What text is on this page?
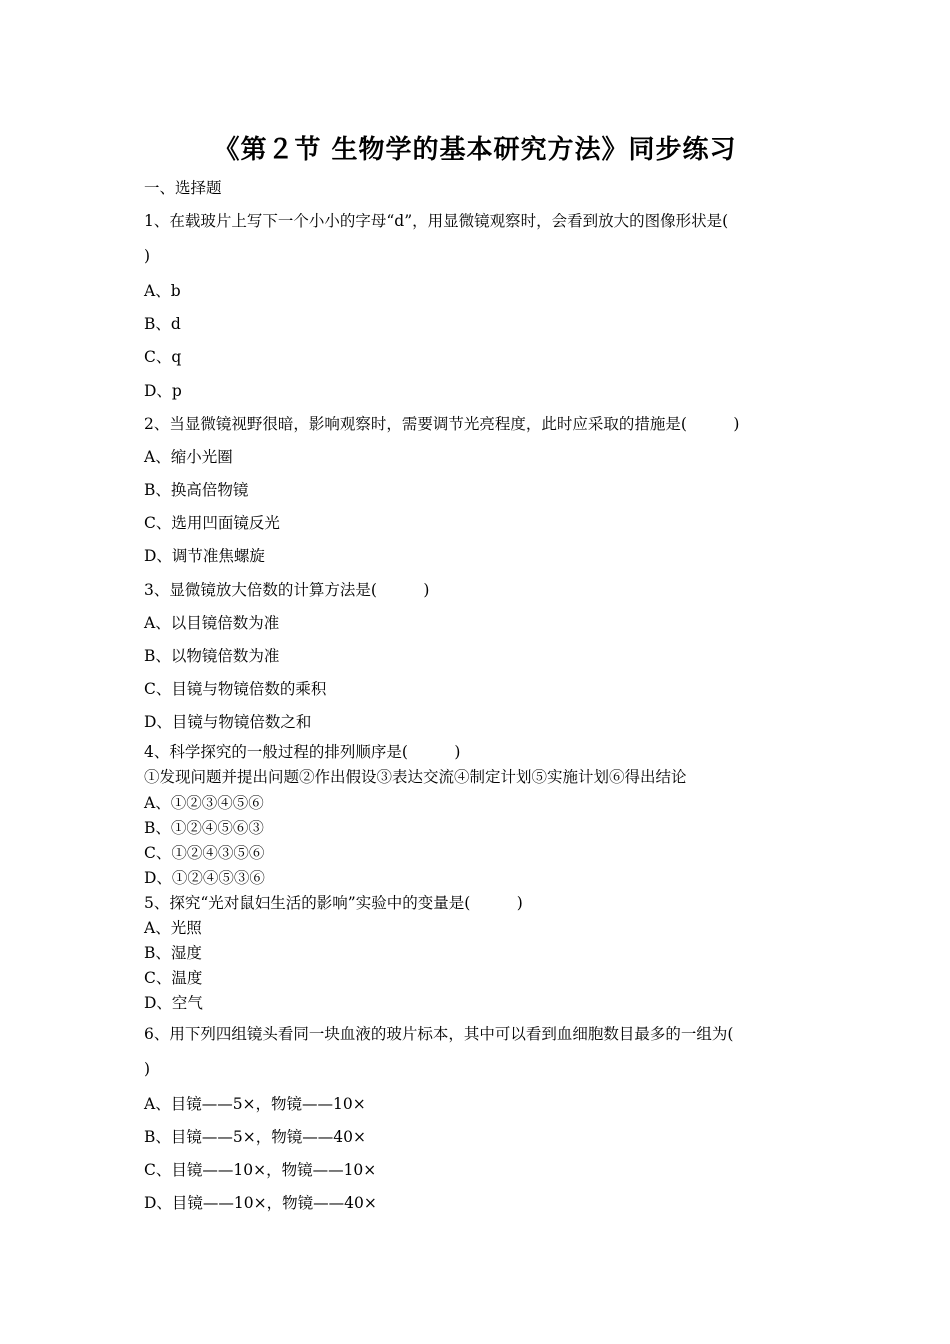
《第２节 生物学的基本研究方法》同步练习
一、选择题
1、在载玻片上写下一个小小的字母“d”，用显微镜观察时，会看到放大的图像形状是(
)
A、b
B、d
C、q
D、p
2、当显微镜视野很暗，影响观察时，需要调节光亮程度，此时应采取的措施是(　　　)
A、缩小光圈
B、换高倍物镜
C、选用凹面镜反光
D、调节准焦螺旋
3、显微镜放大倍数的计算方法是(　　　)
A、以目镜倍数为准
B、以物镜倍数为准
C、目镜与物镜倍数的乘积
D、目镜与物镜倍数之和
4、科学探究的一般过程的排列顺序是(　　　)
①发现问题并提出问题②作出假设③表达交流④制定计划⑤实施计划⑥得出结论
A、①②③④⑤⑥
B、①②④⑤⑥③
C、①②④③⑤⑥
D、①②④⑤③⑥
5、探究“光对鼠妇生活的影响”实验中的变量是(　　　)
A、光照
B、湿度
C、温度
D、空气
6、用下列四组镜头看同一块血液的玻片标本，其中可以看到血细胞数目最多的一组为(
)
A、目镜——5×，物镜——10×
B、目镜——5×，物镜——40×
C、目镜——10×，物镜——10×
D、目镜——10×，物镜——40×
